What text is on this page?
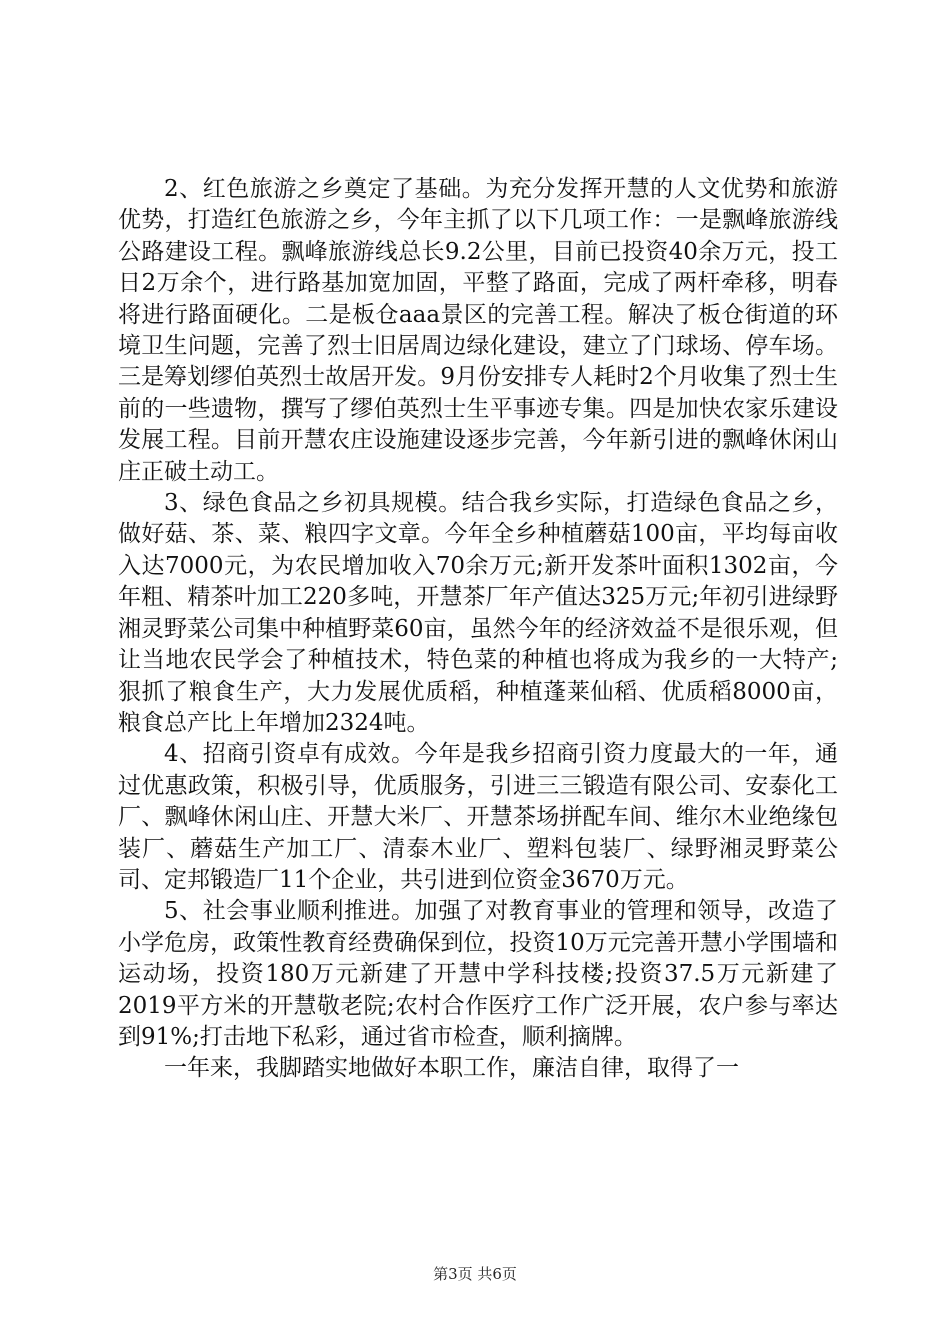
2、红色旅游之乡奠定了基础。为充分发挥开慧的人文优势和旅游优势，打造红色旅游之乡，今年主抓了以下几项工作：一是飘峰旅游线公路建设工程。飘峰旅游线总长9.2公里，目前已投资40余万元，投工日2万余个，进行路基加宽加固，平整了路面，完成了两杆牵移，明春将进行路面硬化。二是板仓aaa景区的完善工程。解决了板仓街道的环境卫生问题，完善了烈士旧居周边绿化建设，建立了门球场、停车场。三是筹划缪伯英烈士故居开发。9月份安排专人耗时2个月收集了烈士生前的一些遗物，撰写了缪伯英烈士生平事迹专集。四是加快农家乐建设发展工程。目前开慧农庄设施建设逐步完善，今年新引进的飘峰休闲山庄正破土动工。

3、绿色食品之乡初具规模。结合我乡实际，打造绿色食品之乡，做好菇、茶、菜、粮四字文章。今年全乡种植蘑菇100亩，平均每亩收入达7000元，为农民增加收入70余万元;新开发茶叶面积1302亩，今年粗、精茶叶加工220多吨，开慧茶厂年产值达325万元;年初引进绿野湘灵野菜公司集中种植野菜60亩，虽然今年的经济效益不是很乐观，但让当地农民学会了种植技术，特色菜的种植也将成为我乡的一大特产;狠抓了粮食生产，大力发展优质稻，种植蓬莱仙稻、优质稻8000亩，粮食总产比上年增加2324吨。

4、招商引资卓有成效。今年是我乡招商引资力度最大的一年，通过优惠政策，积极引导，优质服务，引进三三锻造有限公司、安泰化工厂、飘峰休闲山庄、开慧大米厂、开慧茶场拼配车间、维尔木业绝缘包装厂、蘑菇生产加工厂、清泰木业厂、塑料包装厂、绿野湘灵野菜公司、定邦锻造厂11个企业，共引进到位资金3670万元。

5、社会事业顺利推进。加强了对教育事业的管理和领导，改造了小学危房，政策性教育经费确保到位，投资10万元完善开慧小学围墙和运动场，投资180万元新建了开慧中学科技楼;投资37.5万元新建了2019平方米的开慧敬老院;农村合作医疗工作广泛开展，农户参与率达到91%;打击地下私彩，通过省市检查，顺利摘牌。

一年来，我脚踏实地做好本职工作，廉洁自律，取得了一

第3页 共6页
